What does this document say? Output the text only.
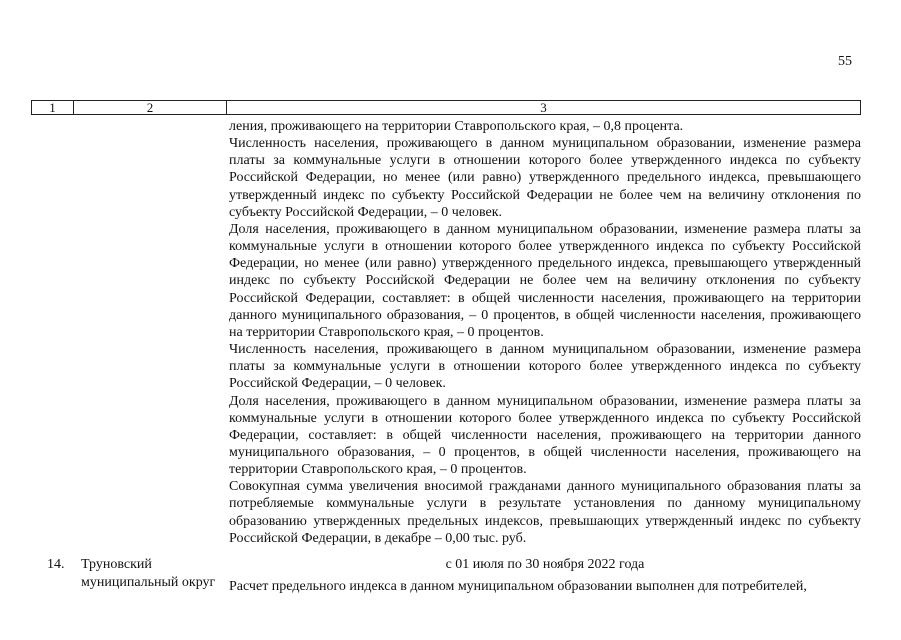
55
1	2	3

ления, проживающего на территории Ставропольского края, – 0,8 процента.

Численность населения, проживающего в данном муниципальном образовании, изменение размера платы за коммунальные услуги в отношении которого более утвержденного индекса по субъекту Российской Федерации, но менее (или равно) утвержденного предельного индекса, превышающего утвержденный индекс по субъекту Российской Федерации не более чем на величину отклонения по субъекту Российской Федерации, – 0 человек.

Доля населения, проживающего в данном муниципальном образовании, изменение размера платы за коммунальные услуги в отношении которого более утвержденного индекса по субъекту Российской Федерации, но менее (или равно) утвержденного предельного индекса, превышающего утвержденный индекс по субъекту Российской Федерации не более чем на величину отклонения по субъекту Российской Федерации, составляет: в общей численности населения, проживающего на территории данного муниципального образования, – 0 процентов, в общей численности населения, проживающего на территории Ставропольского края, – 0 процентов.

Численность населения, проживающего в данном муниципальном образовании, изменение размера платы за коммунальные услуги в отношении которого более утвержденного индекса по субъекту Российской Федерации, – 0 человек.

Доля населения, проживающего в данном муниципальном образовании, изменение размера платы за коммунальные услуги в отношении которого более утвержденного индекса по субъекту Российской Федерации, составляет: в общей численности населения, проживающего на территории данного муниципального образования, – 0 процентов, в общей численности населения, проживающего на территории Ставропольского края, – 0 процентов.

Совокупная сумма увеличения вносимой гражданами данного муниципального образования платы за потребляемые коммунальные услуги в результате установления по данному муниципальному образованию утвержденных предельных индексов, превышающих утвержденный индекс по субъекту Российской Федерации, в декабре – 0,00 тыс. руб.

14. Труновский муниципальный округ
с 01 июля по 30 ноября 2022 года
Расчет предельного индекса в данном муниципальном образовании выполнен для потребителей,
